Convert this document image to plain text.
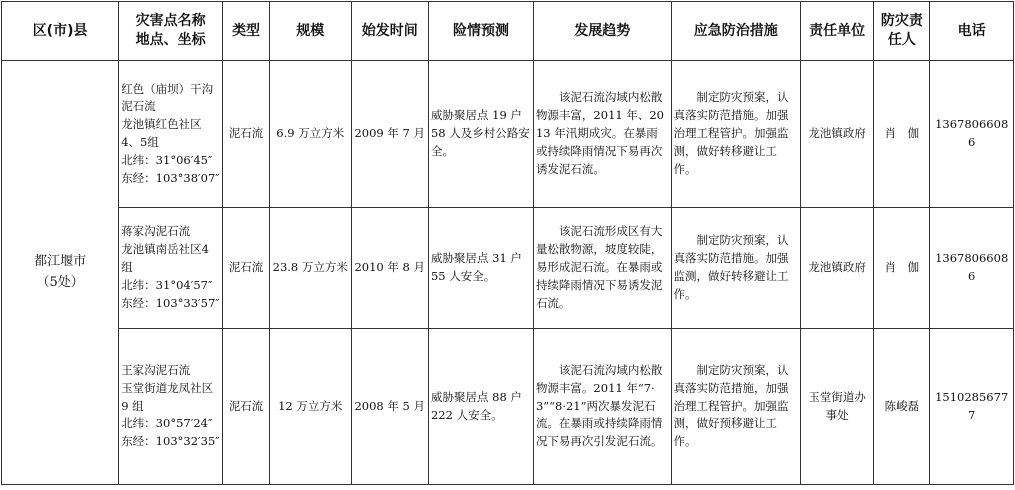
区(市)县	灾害点名称
地点、坐标	类型	规模	始发时间	险情预测	发展趋势	应急防治措施	责任单位	防灾责
任人	电话
都江堰市
（5处）	红色（庙坝）干沟泥石流
龙池镇红色社区4、5组
北纬：31°06′45″
东经：103°38′07″	泥石流	6.9 万立方米	2009 年 7 月	威胁聚居点 19 户 58 人及乡村公路安全。	该泥石流沟域内松散物源丰富，2011 年、2013 年汛期成灾。在暴雨或持续降雨情况下易再次诱发泥石流。	制定防灾预案，认真落实防范措施。加强治理工程管护。加强监测，做好转移避让工作。	龙池镇政府	肖　伽	13678066086

	蒋家沟泥石流
龙池镇南岳社区4组
北纬：31°04′57″
东经：103°33′57″	泥石流	23.8 万立方米	2010 年 8 月	威胁聚居点 31 户 55 人安全。	该泥石流形成区有大量松散物源，坡度较陡，易形成泥石流。在暴雨或持续降雨情况下易诱发泥石流。	制定防灾预案，认真落实防范措施。加强监测，做好转移避让工作。	龙池镇政府	肖　伽	13678066086

	王家沟泥石流
玉堂街道龙凤社区 9 组
北纬：30°57′24″
东经：103°32′35″	泥石流	12 万立方米	2008 年 5 月	威胁聚居点 88 户 222 人安全。	该泥石流沟域内松散物源丰富。2011 年“7·3”“8·21”两次暴发泥石流。在暴雨或持续降雨情况下易再次引发泥石流。	制定防灾预案，认真落实防范措施，加强治理工程管护。加强监测，做好预移避让工作。	玉堂街道办事处	陈峻磊	15102856777
